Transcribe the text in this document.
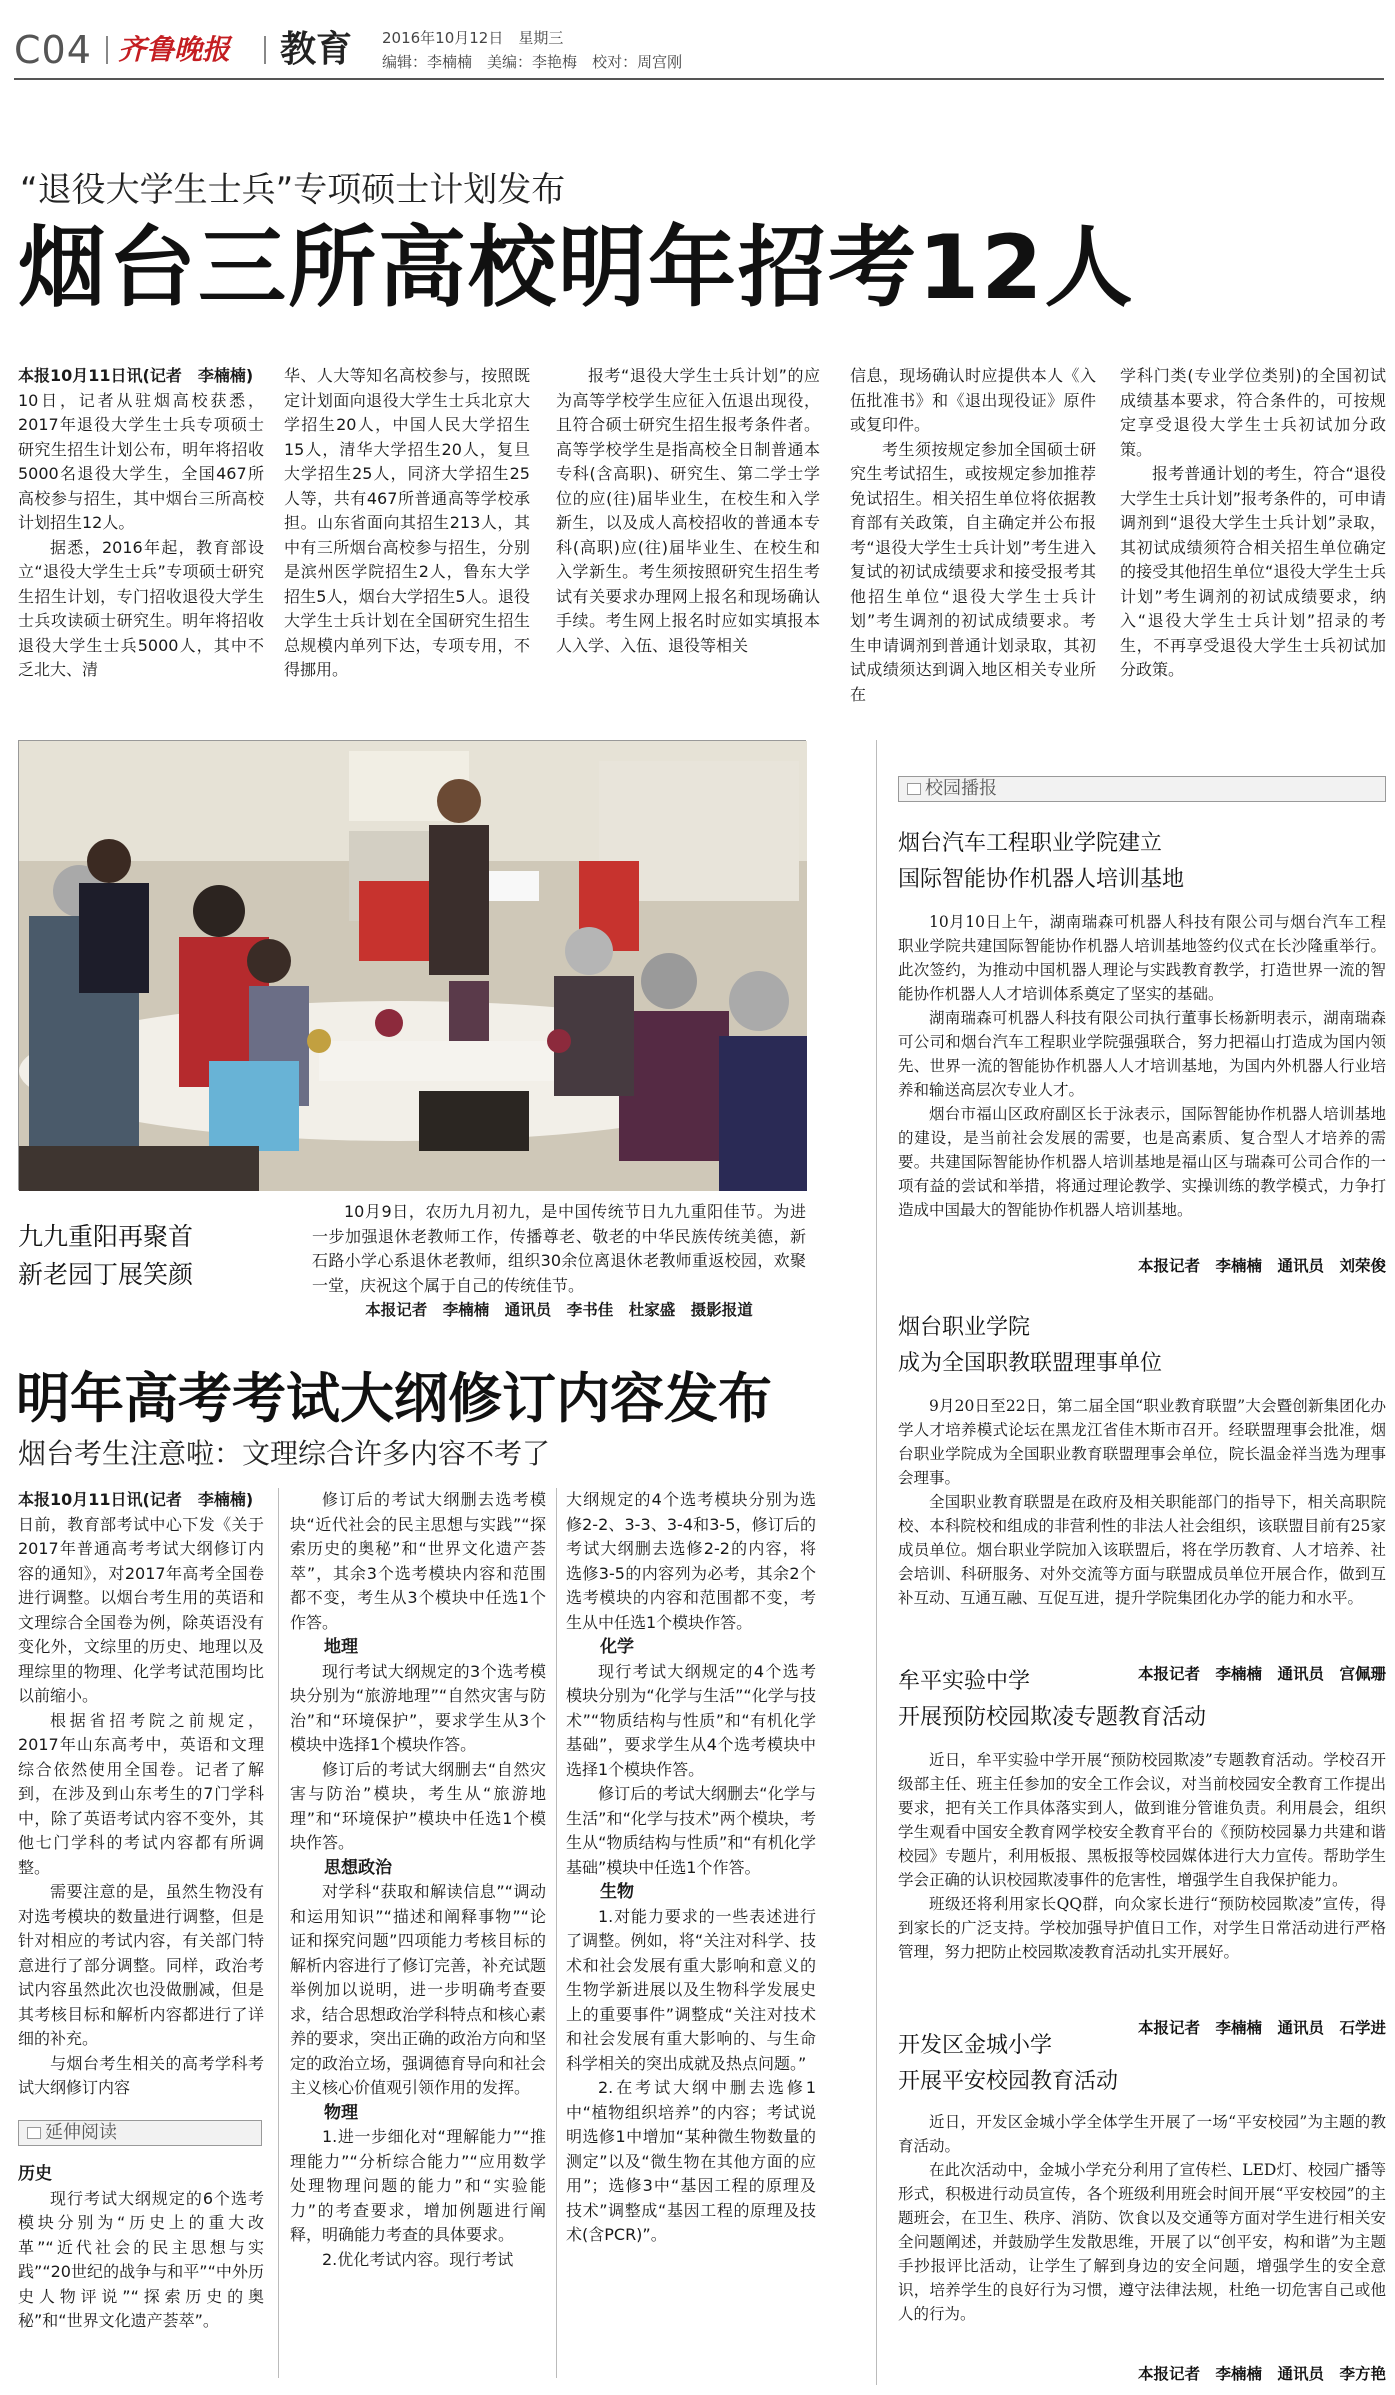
C04 齐鲁晚报 教育 2016年10月12日　 星期三
编辑：李楠楠　 美编：李艳梅　 校对：周宫刚
“退役大学生士兵”专项硕士计划发布
烟台三所高校明年招考12人

本报10月11日讯(记者　李楠楠)　10日，记者从驻烟高校获悉，2017年退役大学生士兵专项硕士研究生招生计划公布，明年将招收5000名退役大学生，全国467所高校参与招生，其中烟台三所高校计划招生12人。

据悉，2016年起，教育部设立“退役大学生士兵”专项硕士研究生招生计划，专门招收退役大学生士兵攻读硕士研究生。明年将招收退役大学生士兵5000人，其中不乏北大、清

华、人大等知名高校参与，按照既定计划面向退役大学生士兵北京大学招生20人，中国人民大学招生15人，清华大学招生20人，复旦大学招生25人，同济大学招生25人等，共有467所普通高等学校承担。山东省面向其招生213人，其中有三所烟台高校参与招生，分别是滨州医学院招生2人，鲁东大学招生5人，烟台大学招生5人。退役大学生士兵计划在全国研究生招生总规模内单列下达，专项专用，不得挪用。

报考“退役大学生士兵计划”的应为高等学校学生应征入伍退出现役，且符合硕士研究生招生报考条件者。高等学校学生是指高校全日制普通本专科(含高职)、研究生、第二学士学位的应(往)届毕业生，在校生和入学新生，以及成人高校招收的普通本专科(高职)应(往)届毕业生、在校生和入学新生。考生须按照研究生招生考试有关要求办理网上报名和现场确认手续。考生网上报名时应如实填报本人入学、入伍、退役等相关

信息，现场确认时应提供本人《入伍批准书》和《退出现役证》原件或复印件。

考生须按规定参加全国硕士研究生考试招生，或按规定参加推荐免试招生。相关招生单位将依据教育部有关政策，自主确定并公布报考“退役大学生士兵计划”考生进入复试的初试成绩要求和接受报考其他招生单位“退役大学生士兵计划”考生调剂的初试成绩要求。考生申请调剂到普通计划录取，其初试成绩须达到调入地区相关专业所在

学科门类(专业学位类别)的全国初试成绩基本要求，符合条件的，可按规定享受退役大学生士兵初试加分政策。

报考普通计划的考生，符合“退役大学生士兵计划”报考条件的，可申请调剂到“退役大学生士兵计划”录取，其初试成绩须符合相关招生单位确定的接受其他招生单位“退役大学生士兵计划”考生调剂的初试成绩要求，纳入“退役大学生士兵计划”招录的考生，不再享受退役大学生士兵初试加分政策。

九九重阳再聚首
新老园丁展笑颜

10月9日，农历九月初九，是中国传统节日九九重阳佳节。为进一步加强退休老教师工作，传播尊老、敬老的中华民族传统美德，新石路小学心系退休老教师，组织30余位离退休老教师重返校园，欢聚一堂，庆祝这个属于自己的传统佳节。

本报记者　李楠楠　通讯员　李书佳　杜家盛　摄影报道
明年高考考试大纲修订内容发布
烟台考生注意啦：文理综合许多内容不考了

本报10月11日讯(记者　李楠楠)　日前，教育部考试中心下发《关于2017年普通高考考试大纲修订内容的通知》，对2017年高考全国卷进行调整。以烟台考生用的英语和文理综合全国卷为例，除英语没有变化外，文综里的历史、地理以及理综里的物理、化学考试范围均比以前缩小。

根据省招考院之前规定，2017年山东高考中，英语和文理综合依然使用全国卷。记者了解到，在涉及到山东考生的7门学科中，除了英语考试内容不变外，其他七门学科的考试内容都有所调整。

需要注意的是，虽然生物没有对选考模块的数量进行调整，但是针对相应的考试内容，有关部门特意进行了部分调整。同样，政治考试内容虽然此次也没做删减，但是其考核目标和解析内容都进行了详细的补充。

与烟台考生相关的高考学科考试大纲修订内容

修订后的考试大纲删去选考模块“近代社会的民主思想与实践”“探索历史的奥秘”和“世界文化遗产荟萃”，其余3个选考模块内容和范围都不变，考生从3个模块中任选1个作答。

地理

现行考试大纲规定的3个选考模块分别为“旅游地理”“自然灾害与防治”和“环境保护”，要求学生从3个模块中选择1个模块作答。

修订后的考试大纲删去“自然灾害与防治”模块，考生从“旅游地理”和“环境保护”模块中任选1个模块作答。

思想政治

对学科“获取和解读信息”“调动和运用知识”“描述和阐释事物”“论证和探究问题”四项能力考核目标的解析内容进行了修订完善，补充试题举例加以说明，进一步明确考查要求，结合思想政治学科特点和核心素养的要求，突出正确的政治方向和坚定的政治立场，强调德育导向和社会主义核心价值观引领作用的发挥。

物理

1.进一步细化对“理解能力”“推理能力”“分析综合能力”“应用数学处理物理问题的能力”和“实验能力”的考查要求，增加例题进行阐释，明确能力考查的具体要求。

2.优化考试内容。现行考试

大纲规定的4个选考模块分别为选修2-2、3-3、3-4和3-5，修订后的考试大纲删去选修2-2的内容，将选修3-5的内容列为必考，其余2个选考模块的内容和范围都不变，考生从中任选1个模块作答。

化学

现行考试大纲规定的4个选考模块分别为“化学与生活”“化学与技术”“物质结构与性质”和“有机化学基础”，要求学生从4个选考模块中选择1个模块作答。

修订后的考试大纲删去“化学与生活”和“化学与技术”两个模块，考生从“物质结构与性质”和“有机化学基础”模块中任选1个作答。

生物

1.对能力要求的一些表述进行了调整。例如，将“关注对科学、技术和社会发展有重大影响和意义的生物学新进展以及生物科学发展史上的重要事件”调整成“关注对技术和社会发展有重大影响的、与生命科学相关的突出成就及热点问题。”

2.在考试大纲中删去选修1中“植物组织培养”的内容；考试说明选修1中增加“某种微生物数量的测定”以及“微生物在其他方面的应用”；选修3中“基因工程的原理及技术”调整成“基因工程的原理及技术(含PCR)”。

延伸阅读
历史

现行考试大纲规定的6个选考模块分别为“历史上的重大改革”“近代社会的民主思想与实践”“20世纪的战争与和平”“中外历史人物评说”“探索历史的奥秘”和“世界文化遗产荟萃”。

校园播报
烟台汽车工程职业学院建立
国际智能协作机器人培训基地

10月10日上午，湖南瑞森可机器人科技有限公司与烟台汽车工程职业学院共建国际智能协作机器人培训基地签约仪式在长沙隆重举行。此次签约，为推动中国机器人理论与实践教育教学，打造世界一流的智能协作机器人人才培训体系奠定了坚实的基础。

湖南瑞森可机器人科技有限公司执行董事长杨新明表示，湖南瑞森可公司和烟台汽车工程职业学院强强联合，努力把福山打造成为国内领先、世界一流的智能协作机器人人才培训基地，为国内外机器人行业培养和输送高层次专业人才。

烟台市福山区政府副区长于泳表示，国际智能协作机器人培训基地的建设，是当前社会发展的需要，也是高素质、复合型人才培养的需要。共建国际智能协作机器人培训基地是福山区与瑞森可公司合作的一项有益的尝试和举措，将通过理论教学、实操训练的教学模式，力争打造成中国最大的智能协作机器人培训基地。

本报记者　李楠楠　通讯员　刘荣俊
烟台职业学院
成为全国职教联盟理事单位

9月20日至22日，第二届全国“职业教育联盟”大会暨创新集团化办学人才培养模式论坛在黑龙江省佳木斯市召开。经联盟理事会批准，烟台职业学院成为全国职业教育联盟理事会单位，院长温金祥当选为理事会理事。

全国职业教育联盟是在政府及相关职能部门的指导下，相关高职院校、本科院校和组成的非营利性的非法人社会组织，该联盟目前有25家成员单位。烟台职业学院加入该联盟后，将在学历教育、人才培养、社会培训、科研服务、对外交流等方面与联盟成员单位开展合作，做到互补互动、互通互融、互促互进，提升学院集团化办学的能力和水平。

本报记者　李楠楠　通讯员　宫佩珊
牟平实验中学
开展预防校园欺凌专题教育活动

近日，牟平实验中学开展“预防校园欺凌”专题教育活动。学校召开级部主任、班主任参加的安全工作会议，对当前校园安全教育工作提出要求，把有关工作具体落实到人，做到谁分管谁负责。利用晨会，组织学生观看中国安全教育网学校安全教育平台的《预防校园暴力共建和谐校园》专题片，利用板报、黑板报等校园媒体进行大力宣传。帮助学生学会正确的认识校园欺凌事件的危害性，增强学生自我保护能力。

班级还将利用家长QQ群，向众家长进行“预防校园欺凌”宣传，得到家长的广泛支持。学校加强导护值日工作，对学生日常活动进行严格管理，努力把防止校园欺凌教育活动扎实开展好。

本报记者　李楠楠　通讯员　石学进
开发区金城小学
开展平安校园教育活动

近日，开发区金城小学全体学生开展了一场“平安校园”为主题的教育活动。

在此次活动中，金城小学充分利用了宣传栏、LED灯、校园广播等形式，积极进行动员宣传，各个班级利用班会时间开展“平安校园”的主题班会，在卫生、秩序、消防、饮食以及交通等方面对学生进行相关安全问题阐述，并鼓励学生发散思维，开展了以“创平安，构和谐”为主题手抄报评比活动，让学生了解到身边的安全问题，增强学生的安全意识，培养学生的良好行为习惯，遵守法律法规，杜绝一切危害自己或他人的行为。

本报记者　李楠楠　通讯员　李方艳
